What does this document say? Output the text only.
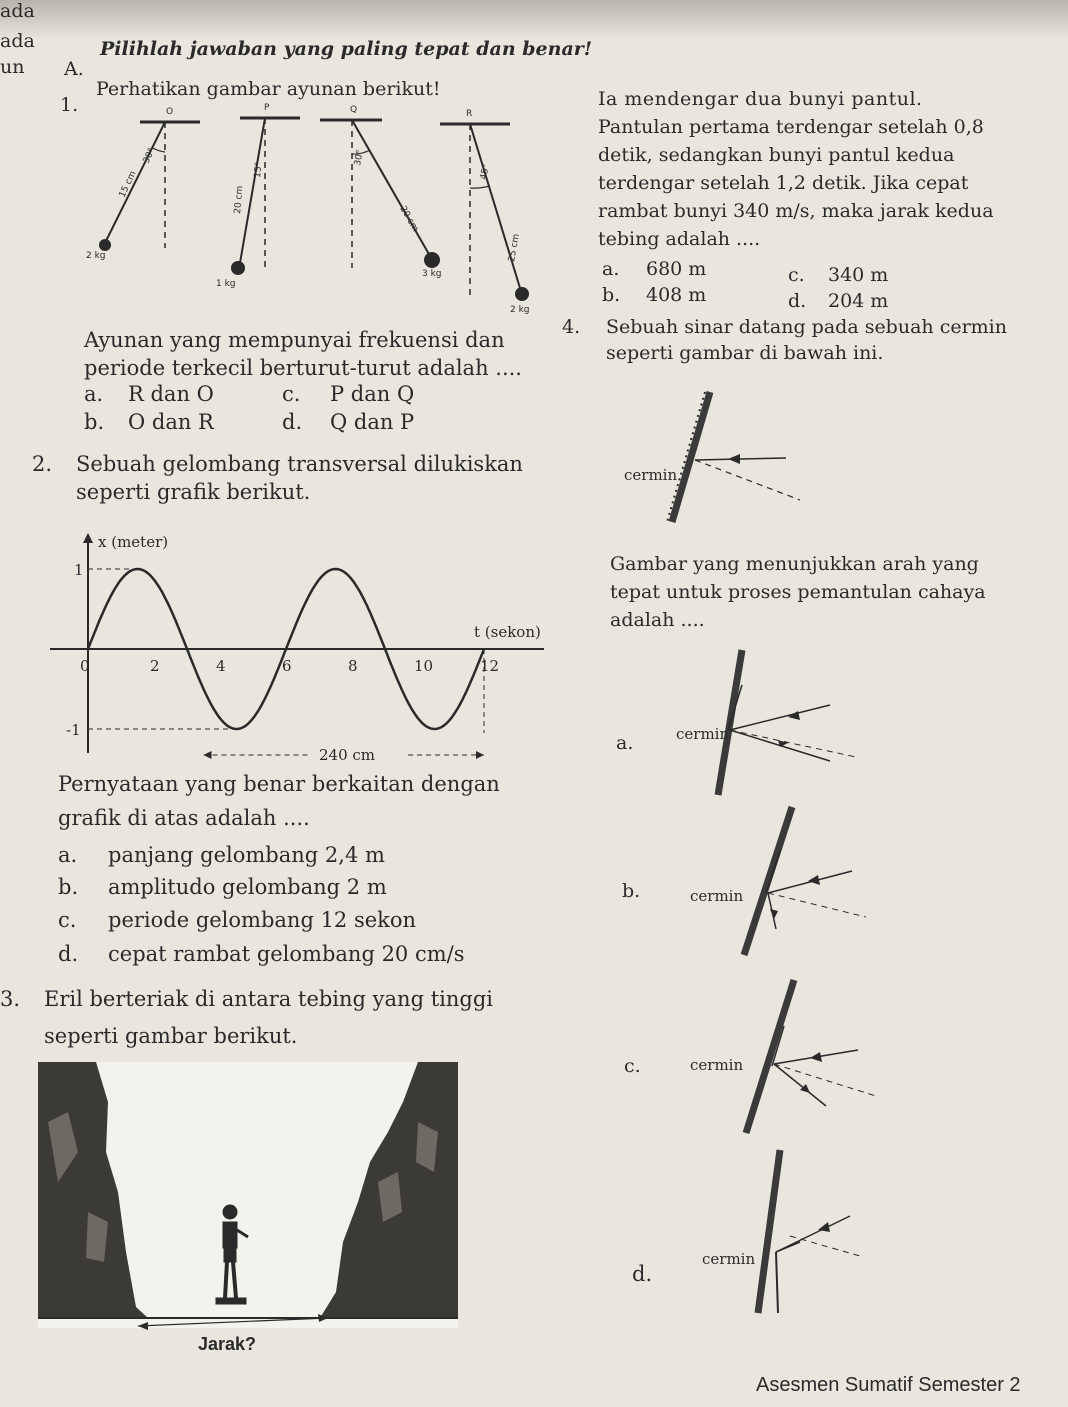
ada
ada
un A.
Pilihlah jawaban yang paling tepat dan benar!
1.
Perhatikan gambar ayunan berikut!
O
30°
15 cm
2 kg
P
15°
20 cm
1 kg
Q
30°
20 cm
3 kg
R
45°
25 cm
2 kg
Ayunan yang mempunyai frekuensi dan
periode terkecil berturut-turut adalah ....
a. R dan O	c. P dan Q
b. O dan R	d. Q dan P
2. Sebuah gelombang transversal dilukiskan
seperti grafik berikut.
0	2	4	6	8	10	12
1
-1
x (meter)
t (sekon)
240 cm
Pernyataan yang benar berkaitan dengan
grafik di atas adalah ....
a. panjang gelombang 2,4 m
b. amplitudo gelombang 2 m
c. periode gelombang 12 sekon
d. cepat rambat gelombang 20 cm/s
3. Eril berteriak di antara tebing yang tinggi
seperti gambar berikut.
Jarak?
Ia mendengar dua bunyi pantul.
Pantulan pertama terdengar setelah 0,8
detik, sedangkan bunyi pantul kedua
terdengar setelah 1,2 detik. Jika cepat
rambat bunyi 340 m/s, maka jarak kedua
tebing adalah ....
a. 680 m	c. 340 m
b. 408 m	d. 204 m
4. Sebuah sinar datang pada sebuah cermin
seperti gambar di bawah ini.
cermin
Gambar yang menunjukkan arah yang
tepat untuk proses pemantulan cahaya
adalah ....
a.	cermin
b.	cermin
c.	cermin
d.
cermin
Asesmen Sumatif Semester 2
